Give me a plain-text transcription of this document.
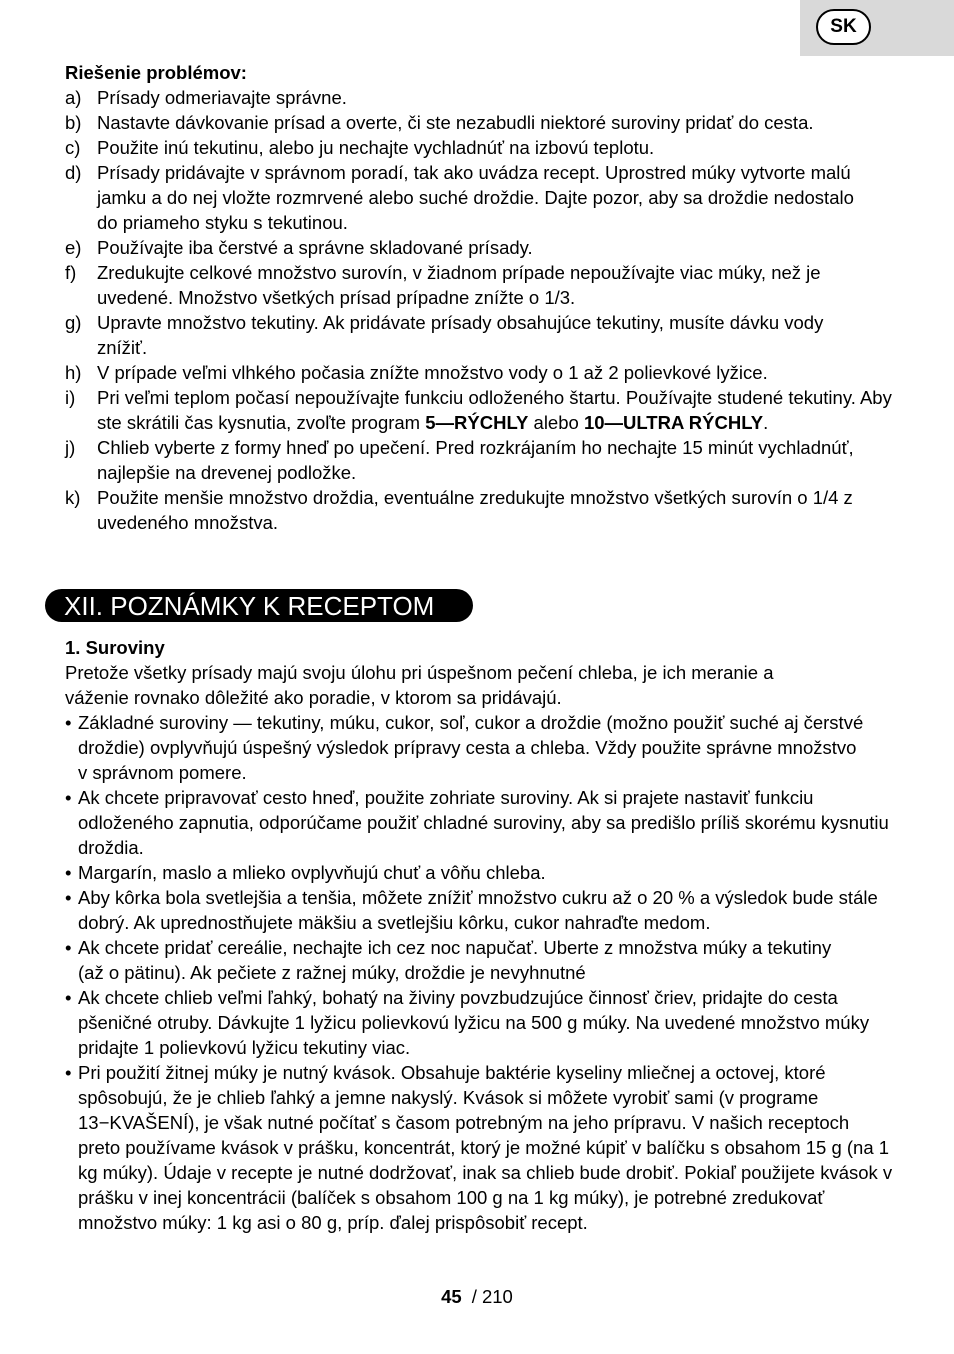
SK
Riešenie problémov:
a) Prísady odmeriavajte správne.
b) Nastavte dávkovanie prísad a overte, či ste nezabudli niektoré suroviny pridať do cesta.
c) Použite inú tekutinu, alebo ju nechajte vychladnúť na izbovú teplotu.
d) Prísady pridávajte v správnom poradí, tak ako uvádza recept. Uprostred múky vytvorte malú jamku a do nej vložte rozmrvené alebo suché droždie. Dajte pozor, aby sa droždie nedostalo do priameho styku s tekutinou.
e) Používajte iba čerstvé a správne skladované prísady.
f)	Zredukujte celkové množstvo surovín, v žiadnom prípade nepoužívajte viac múky, než je uvedené. Množstvo všetkých prísad prípadne znížte o 1/3.
g) Upravte množstvo tekutiny. Ak pridávate prísady obsahujúce tekutiny, musíte dávku vody znížiť.
h) V prípade veľmi vlhkého počasia znížte množstvo vody o 1 až 2 polievkové lyžice.
i)	Pri veľmi teplom počasí nepoužívajte funkciu odloženého štartu. Používajte studené tekutiny. Aby ste skrátili čas kysnutia, zvoľte program 5—RÝCHLY alebo 10—ULTRA RÝCHLY.
j)	Chlieb vyberte z formy hneď po upečení. Pred rozkrájaním ho nechajte 15 minút vychladnúť, najlepšie na drevenej podložke.
k) Použite menšie množstvo droždia, eventuálne zredukujte množstvo všetkých surovín o 1/4 z uvedeného množstva.
XII. POZNÁMKY K RECEPTOM
1. Suroviny
Pretože všetky prísady majú svoju úlohu pri úspešnom pečení chleba, je ich meranie a váženie rovnako dôležité ako poradie, v ktorom sa pridávajú.
• Základné suroviny — tekutiny, múku, cukor, soľ, cukor a droždie (možno použiť suché aj čerstvé droždie) ovplyvňujú úspešný výsledok prípravy cesta a chleba. Vždy použite správne množstvo v správnom pomere.
• Ak chcete pripravovať cesto hneď, použite zohriate suroviny. Ak si prajete nastaviť funkciu odloženého zapnutia, odporúčame použiť chladné suroviny, aby sa predišlo príliš skorému kysnutiu droždia.
• Margarín, maslo a mlieko ovplyvňujú chuť a vôňu chleba.
• Aby kôrka bola svetlejšia a tenšia, môžete znížiť množstvo cukru až o 20 % a výsledok bude stále dobrý. Ak uprednostňujete mäkšiu a svetlejšiu kôrku, cukor nahraďte medom.
• Ak chcete pridať cereálie, nechajte ich cez noc napučať. Uberte z množstva múky a tekutiny (až o pätinu). Ak pečiete z ražnej múky, droždie je nevyhnutné
• Ak chcete chlieb veľmi ľahký, bohatý na živiny povzbudzujúce činnosť čriev, pridajte do cesta pšeničné otruby. Dávkujte 1 lyžicu polievkovú lyžicu na 500 g múky. Na uvedené množstvo múky pridajte 1 polievkovú lyžicu tekutiny viac.
• Pri použití žitnej múky je nutný kvások. Obsahuje baktérie kyseliny mliečnej a octovej, ktoré spôsobujú, že je chlieb ľahký a jemne nakyslý. Kvások si môžete vyrobiť sami (v programe 13−KVAŠENÍ), je však nutné počítať s časom potrebným na jeho prípravu. V našich receptoch preto používame kvások v prášku, koncentrát, ktorý je možné kúpiť v balíčku s obsahom 15 g (na 1 kg múky). Údaje v recepte je nutné dodržovať, inak sa chlieb bude drobiť. Pokiaľ použijete kvások v prášku v inej koncentrácii (balíček s obsahom 100 g na 1 kg múky), je potrebné zredukovať množstvo múky: 1 kg asi o 80 g, príp. ďalej prispôsobiť recept.
45 / 210
